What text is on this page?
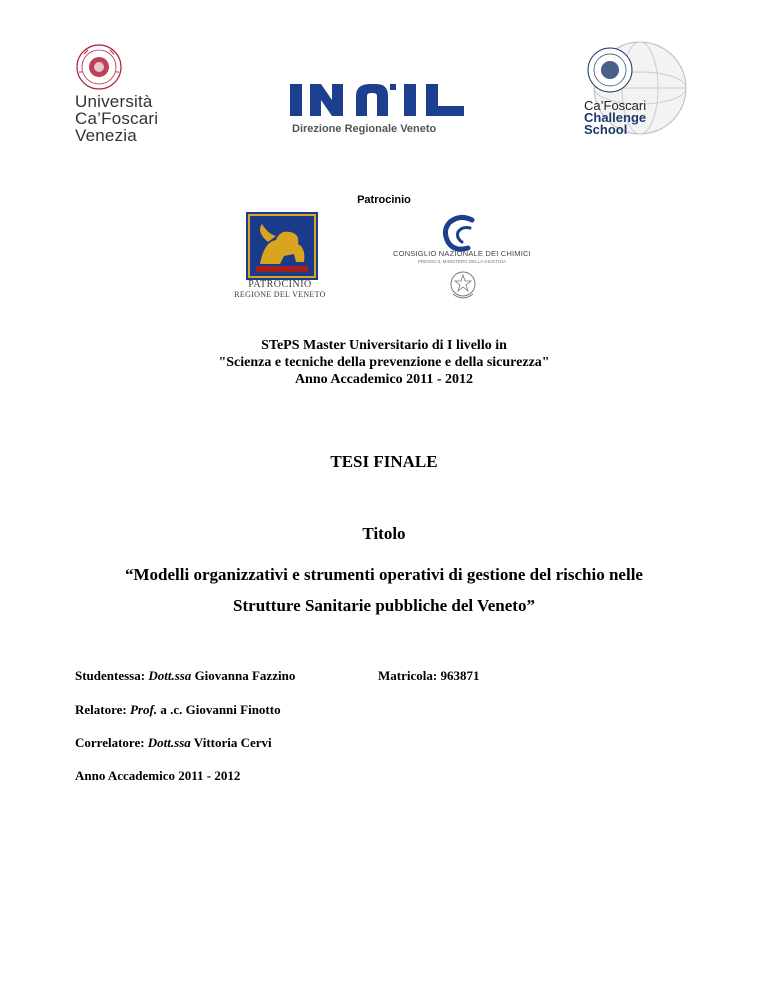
Università
Ca’Foscari
Venezia	Direzione Regionale Veneto
Ca’Foscari
Challenge
School
Patrocinio
PATROCINIO
REGIONE DEL VENETO
CONSIGLIO NAZIONALE DEI CHIMICI
PRESSO IL MINISTERO DELLA GIUSTIZIA
STePS Master Universitario di I livello in
"Scienza e tecniche della prevenzione e della sicurezza"
Anno Accademico 2011 - 2012
TESI FINALE
Titolo
“Modelli organizzativi e strumenti operativi di gestione del rischio nelle
Strutture Sanitarie pubbliche del Veneto”
Studentessa: Dott.ssa Giovanna Fazzino	Matricola: 963871
Relatore: Prof. a .c. Giovanni Finotto
Correlatore: Dott.ssa Vittoria Cervi
Anno Accademico 2011 - 2012
